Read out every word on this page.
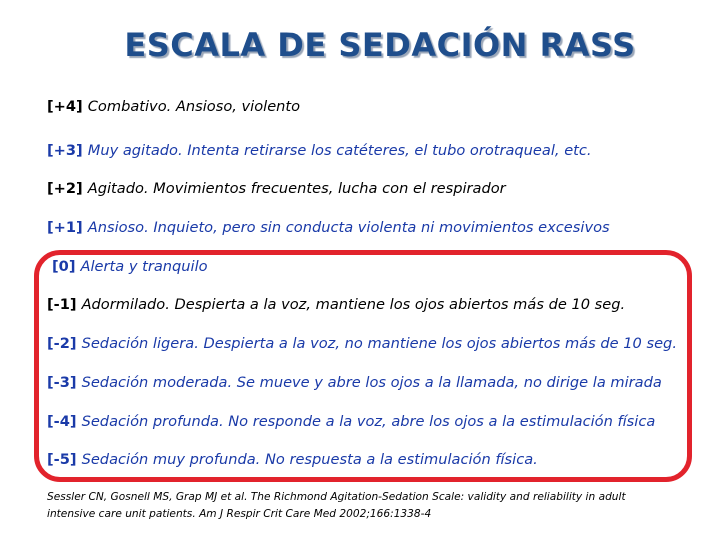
ESCALA DE SEDACIÓN RASS
[+4] Combativo. Ansioso, violento
[+3] Muy agitado. Intenta retirarse los catéteres, el tubo orotraqueal, etc.
[+2] Agitado. Movimientos frecuentes, lucha con el respirador
[+1] Ansioso. Inquieto, pero sin conducta violenta ni movimientos excesivos
[0] Alerta y tranquilo
[-1] Adormilado. Despierta a la voz, mantiene los ojos abiertos más de 10 seg.
[-2] Sedación ligera. Despierta a la voz, no mantiene los ojos abiertos más de 10 seg.
[-3] Sedación moderada. Se mueve y abre los ojos a la llamada, no dirige la mirada
[-4] Sedación profunda. No responde a la voz, abre los ojos a la estimulación física
[-5] Sedación muy profunda. No respuesta a la estimulación física.
Sessler CN, Gosnell MS, Grap MJ et al. The Richmond Agitation-Sedation Scale: validity and reliability in adult
intensive care unit patients. Am J Respir Crit Care Med 2002;166:1338-4
